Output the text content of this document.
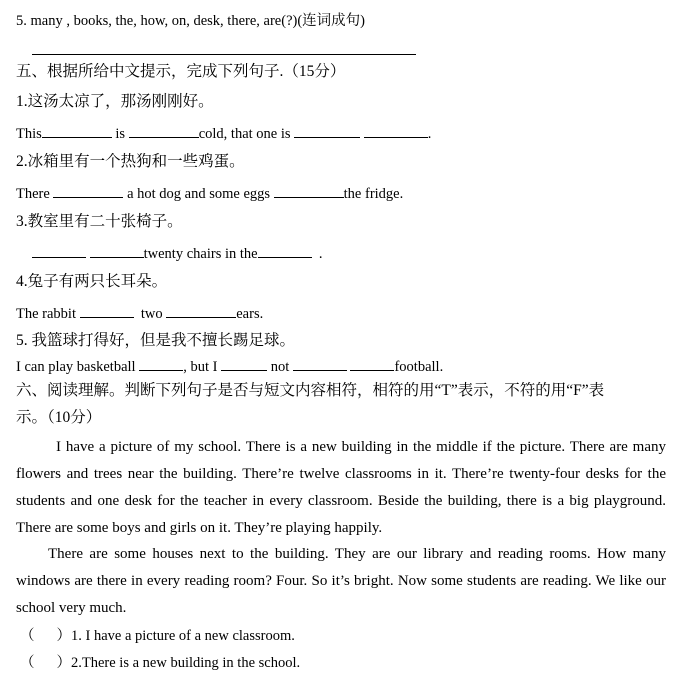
5. many , books, the, how, on, desk, there, are(?)(连词成句)
五、根据所给中文提示，完成下列句子.（15分）
1.这汤太凉了，那汤刚刚好。
This	is	cold, that one is	.
2.冰箱里有一个热狗和一些鸡蛋。
There	a hot dog and some eggs	the fridge.
3.教室里有二十张椅子。
twenty chairs in the	.
4.兔子有两只长耳朵。
The rabbit	two	ears.
5. 我篮球打得好，但是我不擅长踢足球。
I can play basketball	, but I	not	football.
六、阅读理解。判断下列句子是否与短文内容相符，相符的用“T”表示，不符的用“F”表
示。（10分）
I have a picture of my school. There is a new building in the middle if the picture. There are many flowers and trees near the building. There’re twelve classrooms in it. There’re twenty-four desks for the students and one desk for the teacher in every classroom. Beside the building, there is a big playground. There are some boys and girls on it. They’re playing happily.
There are some houses next to the building. They are our library and reading rooms. How many windows are there in every reading room? Four. So it’s bright. Now some students are reading. We like our school very much.
（ ）1. I have a picture of a new classroom.
（ ）2.There is a new building in the school.
